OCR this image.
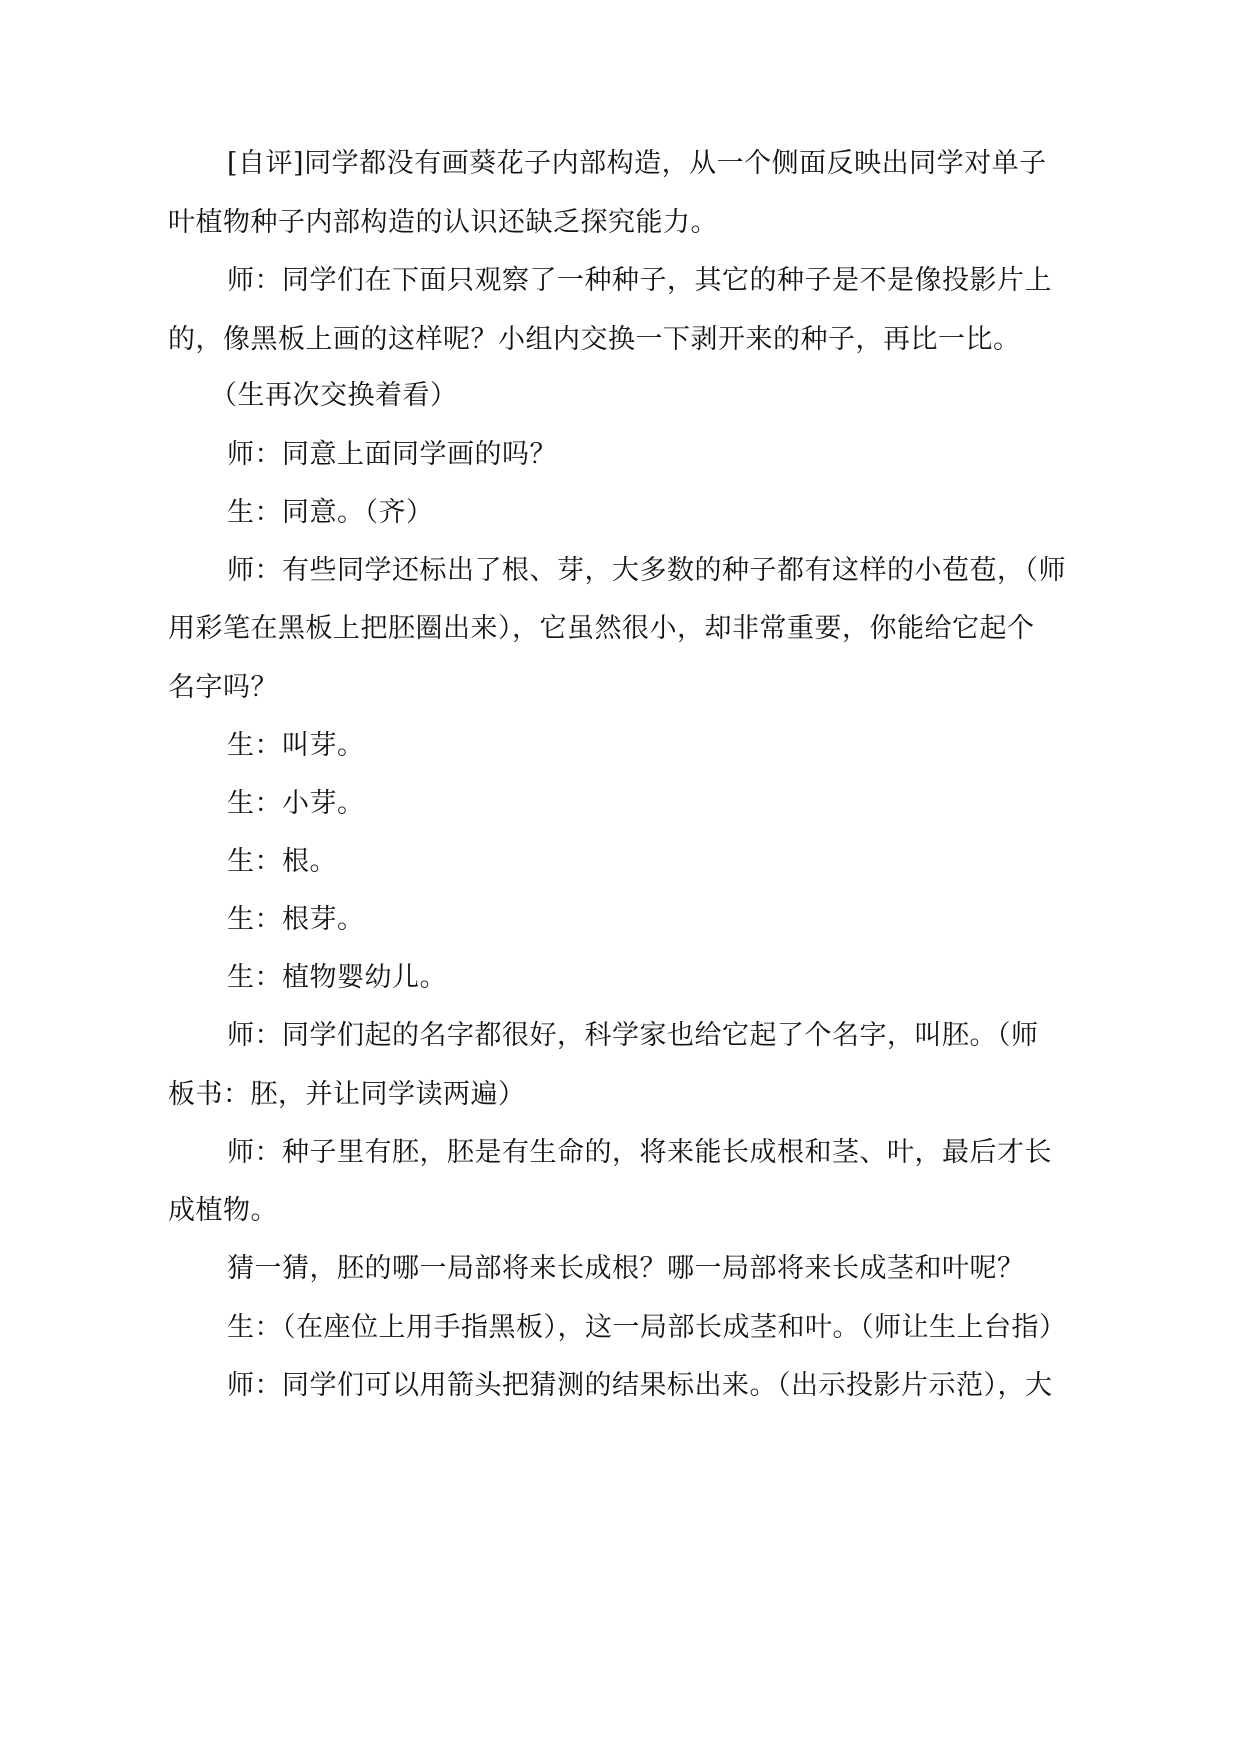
[自评]同学都没有画葵花子内部构造，从一个侧面反映出同学对单子
叶植物种子内部构造的认识还缺乏探究能力。
师：同学们在下面只观察了一种种子，其它的种子是不是像投影片上
的，像黑板上画的这样呢？小组内交换一下剥开来的种子，再比一比。
（生再次交换着看）
师：同意上面同学画的吗？
生：同意。（齐）
师：有些同学还标出了根、芽，大多数的种子都有这样的小苞苞，（师
用彩笔在黑板上把胚圈出来），它虽然很小，却非常重要，你能给它起个
名字吗？
生：叫芽。
生：小芽。
生：根。
生：根芽。
生：植物婴幼儿。
师：同学们起的名字都很好，科学家也给它起了个名字，叫胚。（师
板书：胚，并让同学读两遍）
师：种子里有胚，胚是有生命的，将来能长成根和茎、叶，最后才长
成植物。
猜一猜，胚的哪一局部将来长成根？哪一局部将来长成茎和叶呢？
生：（在座位上用手指黑板），这一局部长成茎和叶。（师让生上台指）
师：同学们可以用箭头把猜测的结果标出来。（出示投影片示范），大
